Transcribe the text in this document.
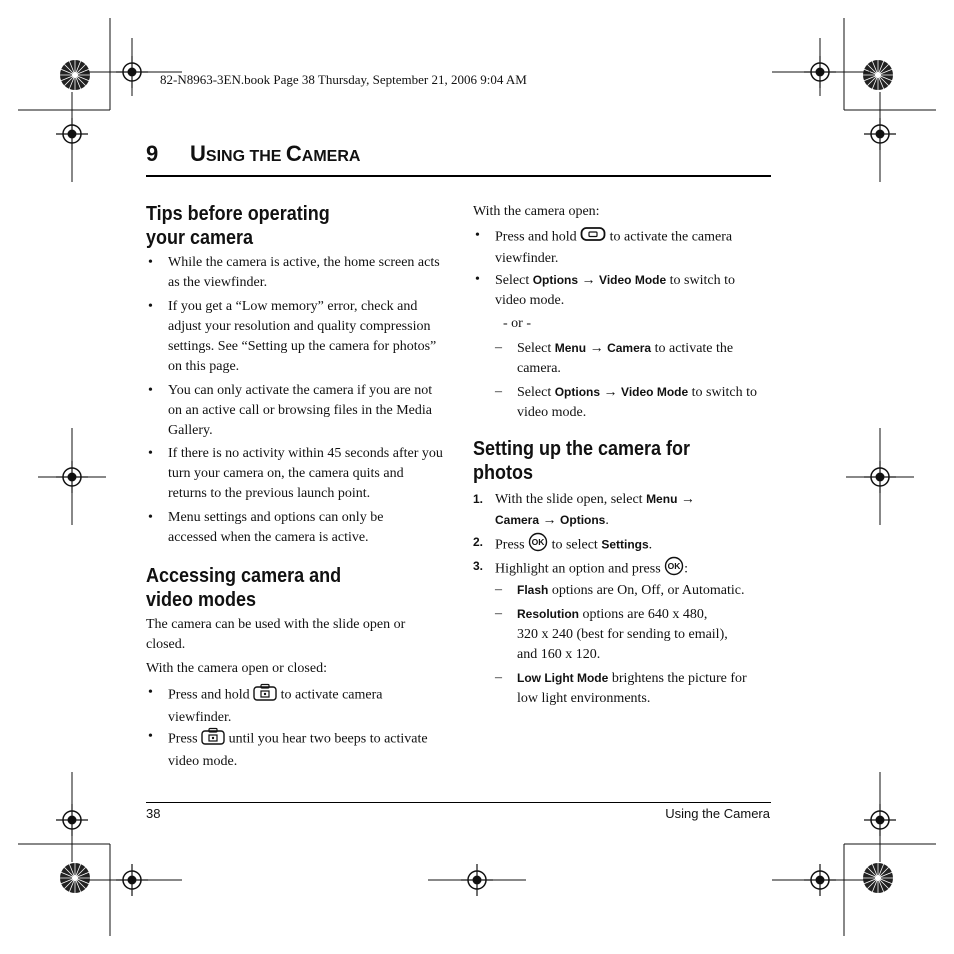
82-N8963-3EN.book Page 38 Thursday, September 21, 2006 9:04 AM
9 USING THE CAMERA
Tips before operating
your camera
• While the camera is active, the home screen acts as the viewfinder.
• If you get a “Low memory” error, check and adjust your resolution and quality compression settings. See “Setting up the camera for photos” on this page.
• You can only activate the camera if you are not on an active call or browsing files in the Media Gallery.
• If there is no activity within 45 seconds after you turn your camera on, the camera quits and returns to the previous launch point.
• Menu settings and options can only be accessed when the camera is active.
Accessing camera and
video modes
The camera can be used with the slide open or closed.
With the camera open or closed:
• Press and hold to activate camera viewfinder.
• Press until you hear two beeps to activate video mode.
With the camera open:
• Press and hold to activate the camera viewfinder.
• Select Options → Video Mode to switch to video mode.
- or -
– Select Menu → Camera to activate the camera.
– Select Options → Video Mode to switch to video mode.
Setting up the camera for
photos
1. With the slide open, select Menu → Camera → Options.
2. Press OK to select Settings.
3. Highlight an option and press OK :
– Flash options are On, Off, or Automatic.
– Resolution options are 640 x 480,
320 x 240 (best for sending to email),
and 160 x 120.
– Low Light Mode brightens the picture for low light environments.
38	Using the Camera
